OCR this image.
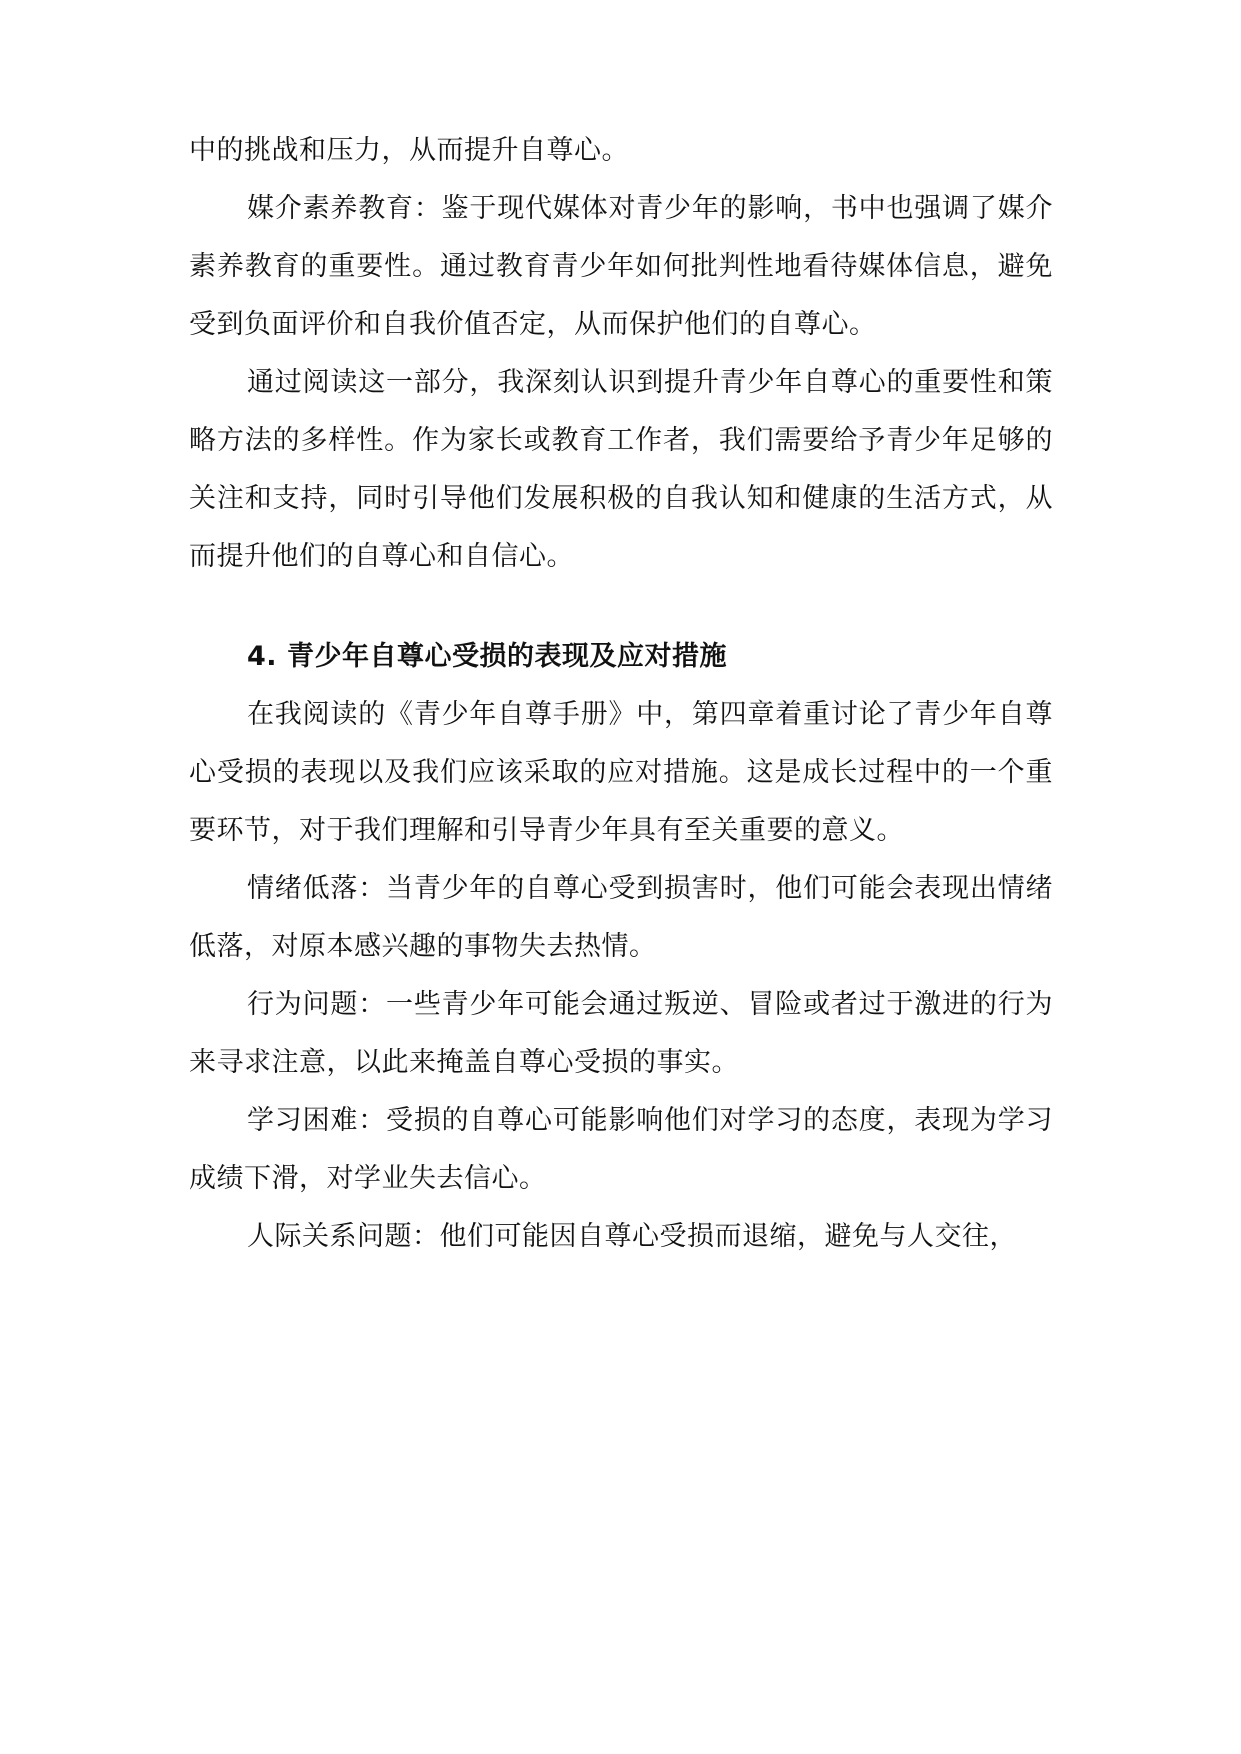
中的挑战和压力，从而提升自尊心。

媒介素养教育：鉴于现代媒体对青少年的影响，书中也强调了媒介素养教育的重要性。通过教育青少年如何批判性地看待媒体信息，避免受到负面评价和自我价值否定，从而保护他们的自尊心。

通过阅读这一部分，我深刻认识到提升青少年自尊心的重要性和策略方法的多样性。作为家长或教育工作者，我们需要给予青少年足够的关注和支持，同时引导他们发展积极的自我认知和健康的生活方式，从而提升他们的自尊心和自信心。

4. 青少年自尊心受损的表现及应对措施

在我阅读的《青少年自尊手册》中，第四章着重讨论了青少年自尊心受损的表现以及我们应该采取的应对措施。这是成长过程中的一个重要环节，对于我们理解和引导青少年具有至关重要的意义。

情绪低落：当青少年的自尊心受到损害时，他们可能会表现出情绪低落，对原本感兴趣的事物失去热情。

行为问题：一些青少年可能会通过叛逆、冒险或者过于激进的行为来寻求注意，以此来掩盖自尊心受损的事实。

学习困难：受损的自尊心可能影响他们对学习的态度，表现为学习成绩下滑，对学业失去信心。

人际关系问题：他们可能因自尊心受损而退缩，避免与人交往，
